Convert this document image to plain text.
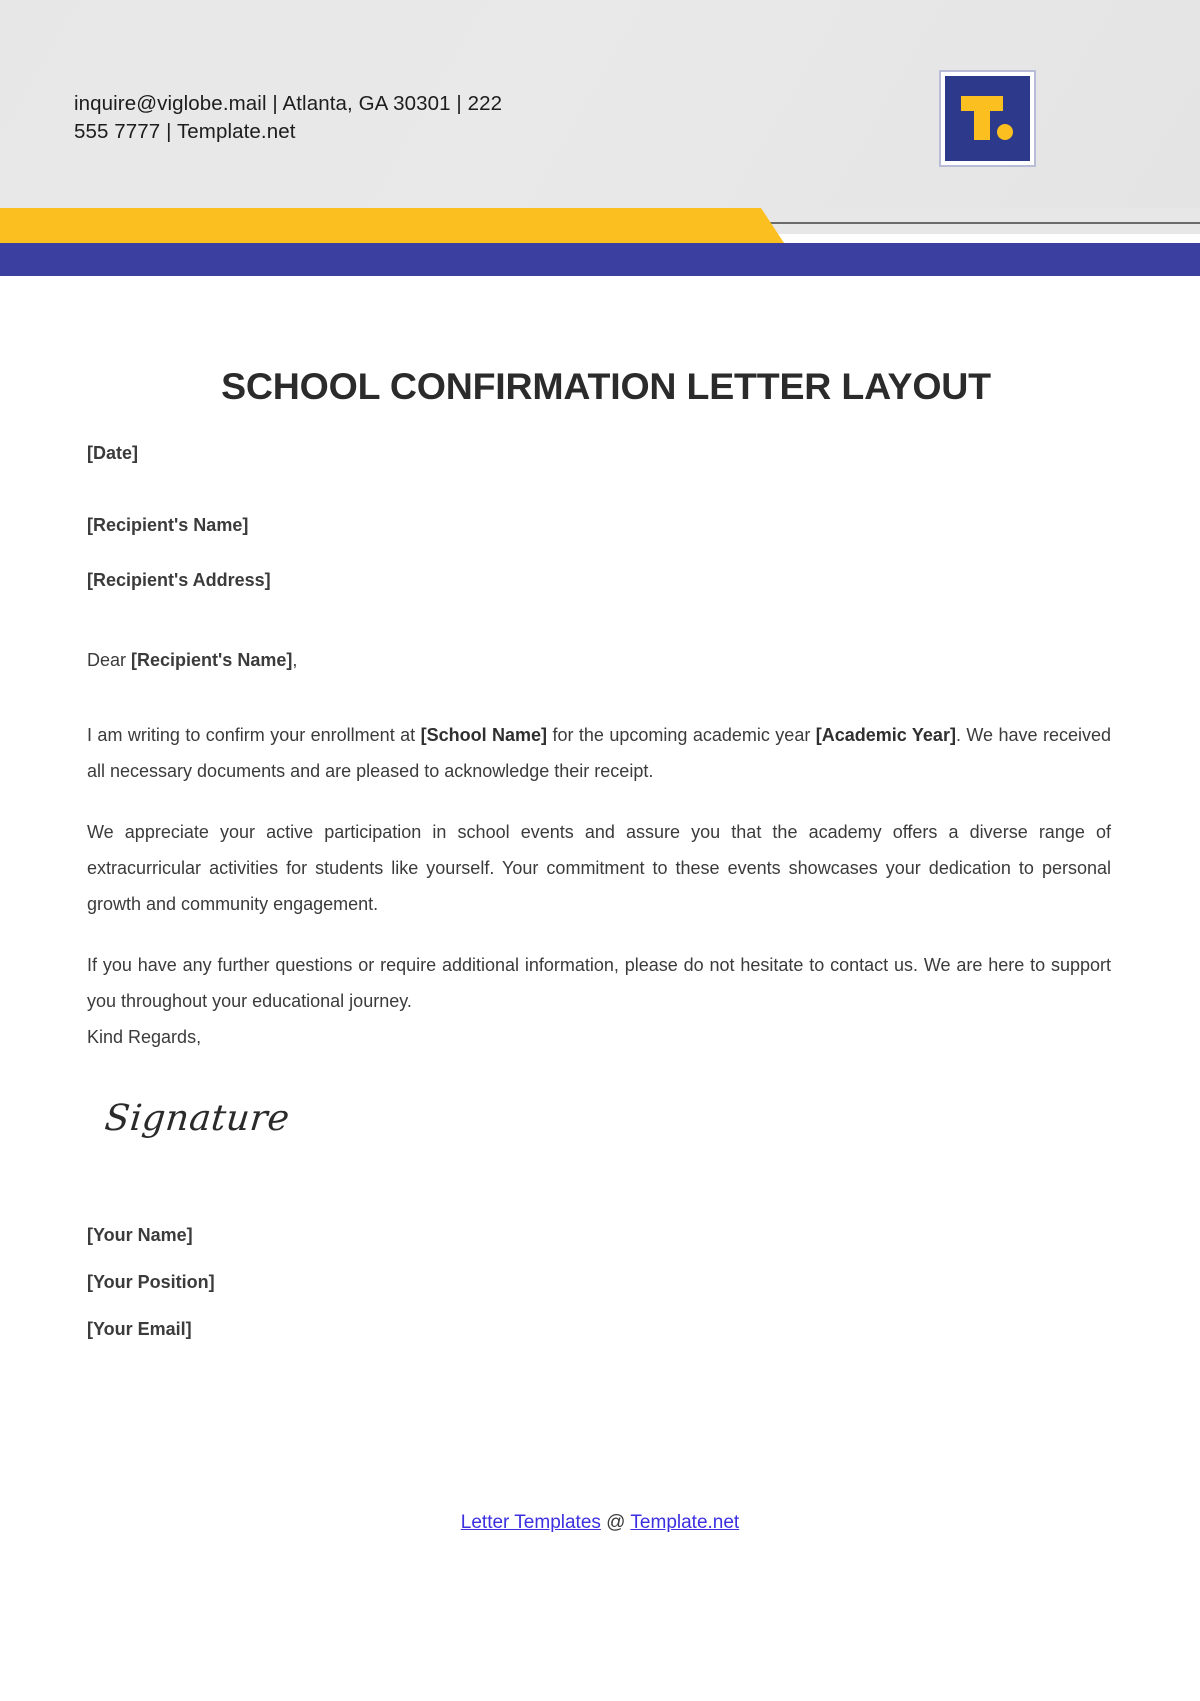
inquire@viglobe.mail | Atlanta, GA 30301 | 222
555 7777 | Template.net
SCHOOL CONFIRMATION LETTER LAYOUT
[Date]
[Recipient's Name]
[Recipient's Address]
Dear [Recipient's Name],

I am writing to confirm your enrollment at [School Name] for the upcoming academic year [Academic Year]. We have received all necessary documents and are pleased to acknowledge their receipt.

We appreciate your active participation in school events and assure you that the academy offers a diverse range of extracurricular activities for students like yourself. Your commitment to these events showcases your dedication to personal growth and community engagement.

If you have any further questions or require additional information, please do not hesitate to contact us. We are here to support you throughout your educational journey.

Kind Regards,
Signature
[Your Name]
[Your Position]
[Your Email]
Letter Templates @ Template.net
